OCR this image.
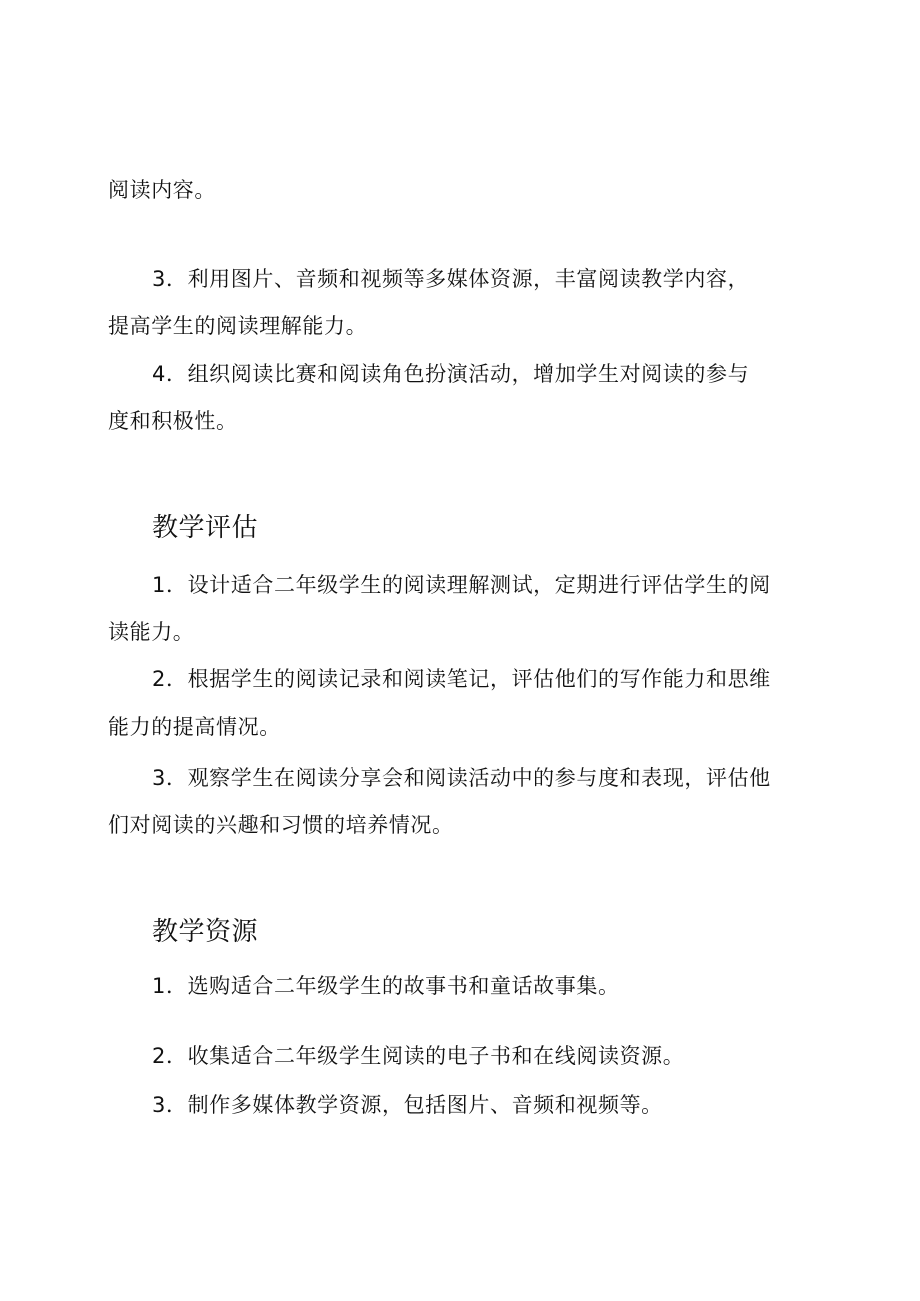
阅读内容。
3．利用图片、音频和视频等多媒体资源，丰富阅读教学内容，
提高学生的阅读理解能力。
4．组织阅读比赛和阅读角色扮演活动，增加学生对阅读的参与
度和积极性。
教学评估
1．设计适合二年级学生的阅读理解测试，定期进行评估学生的阅
读能力。
2．根据学生的阅读记录和阅读笔记，评估他们的写作能力和思维
能力的提高情况。
3．观察学生在阅读分享会和阅读活动中的参与度和表现，评估他
们对阅读的兴趣和习惯的培养情况。
教学资源
1．选购适合二年级学生的故事书和童话故事集。
2．收集适合二年级学生阅读的电子书和在线阅读资源。
3．制作多媒体教学资源，包括图片、音频和视频等。
